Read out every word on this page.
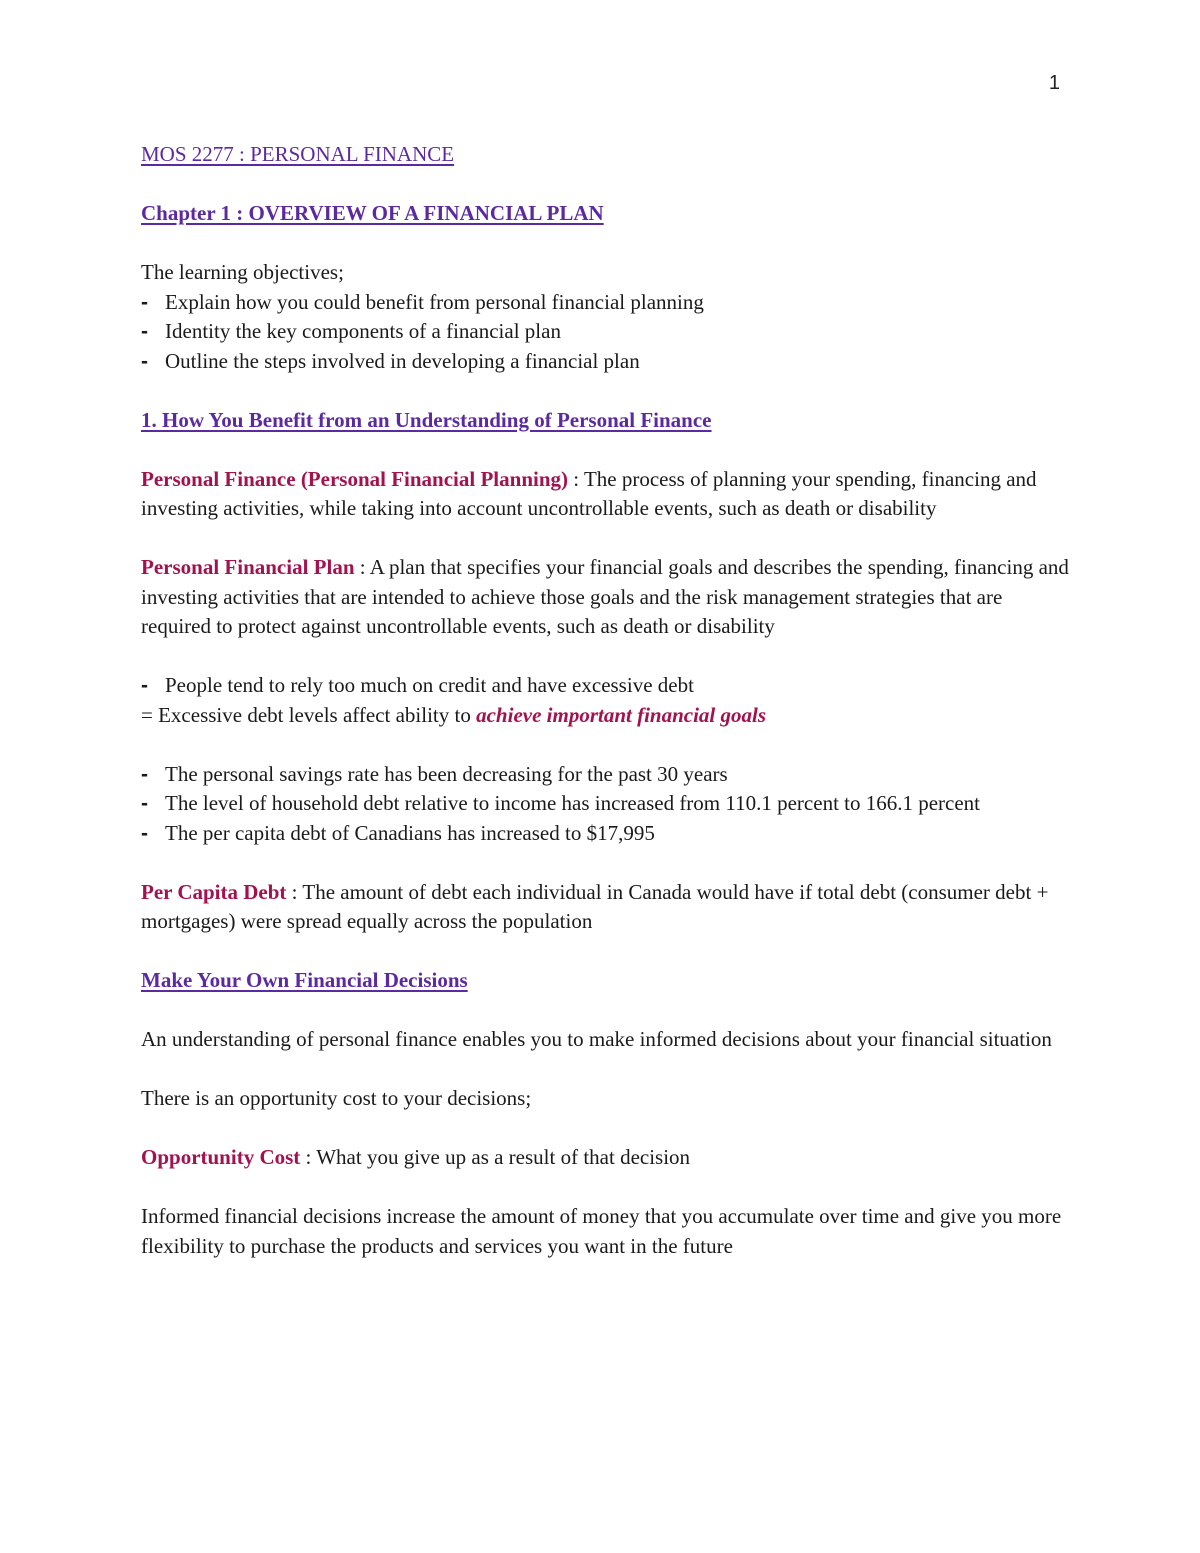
1

MOS 2277 : PERSONAL FINANCE

Chapter 1 : OVERVIEW OF A FINANCIAL PLAN

The learning objectives;

- Explain how you could benefit from personal financial planning
- Identity the key components of a financial plan
- Outline the steps involved in developing a financial plan

1. How You Benefit from an Understanding of Personal Finance

Personal Finance (Personal Financial Planning) : The process of planning your spending, financing and investing activities, while taking into account uncontrollable events, such as death or disability

Personal Financial Plan : A plan that specifies your financial goals and describes the spending, financing and investing activities that are intended to achieve those goals and the risk management strategies that are required to protect against uncontrollable events, such as death or disability

- People tend to rely too much on credit and have excessive debt

= Excessive debt levels affect ability to achieve important financial goals

- The personal savings rate has been decreasing for the past 30 years
- The level of household debt relative to income has increased from 110.1 percent to 166.1 percent
- The per capita debt of Canadians has increased to $17,995

Per Capita Debt : The amount of debt each individual in Canada would have if total debt (consumer debt + mortgages) were spread equally across the population

Make Your Own Financial Decisions

An understanding of personal finance enables you to make informed decisions about your financial situation

There is an opportunity cost to your decisions;

Opportunity Cost : What you give up as a result of that decision

Informed financial decisions increase the amount of money that you accumulate over time and give you more flexibility to purchase the products and services you want in the future
